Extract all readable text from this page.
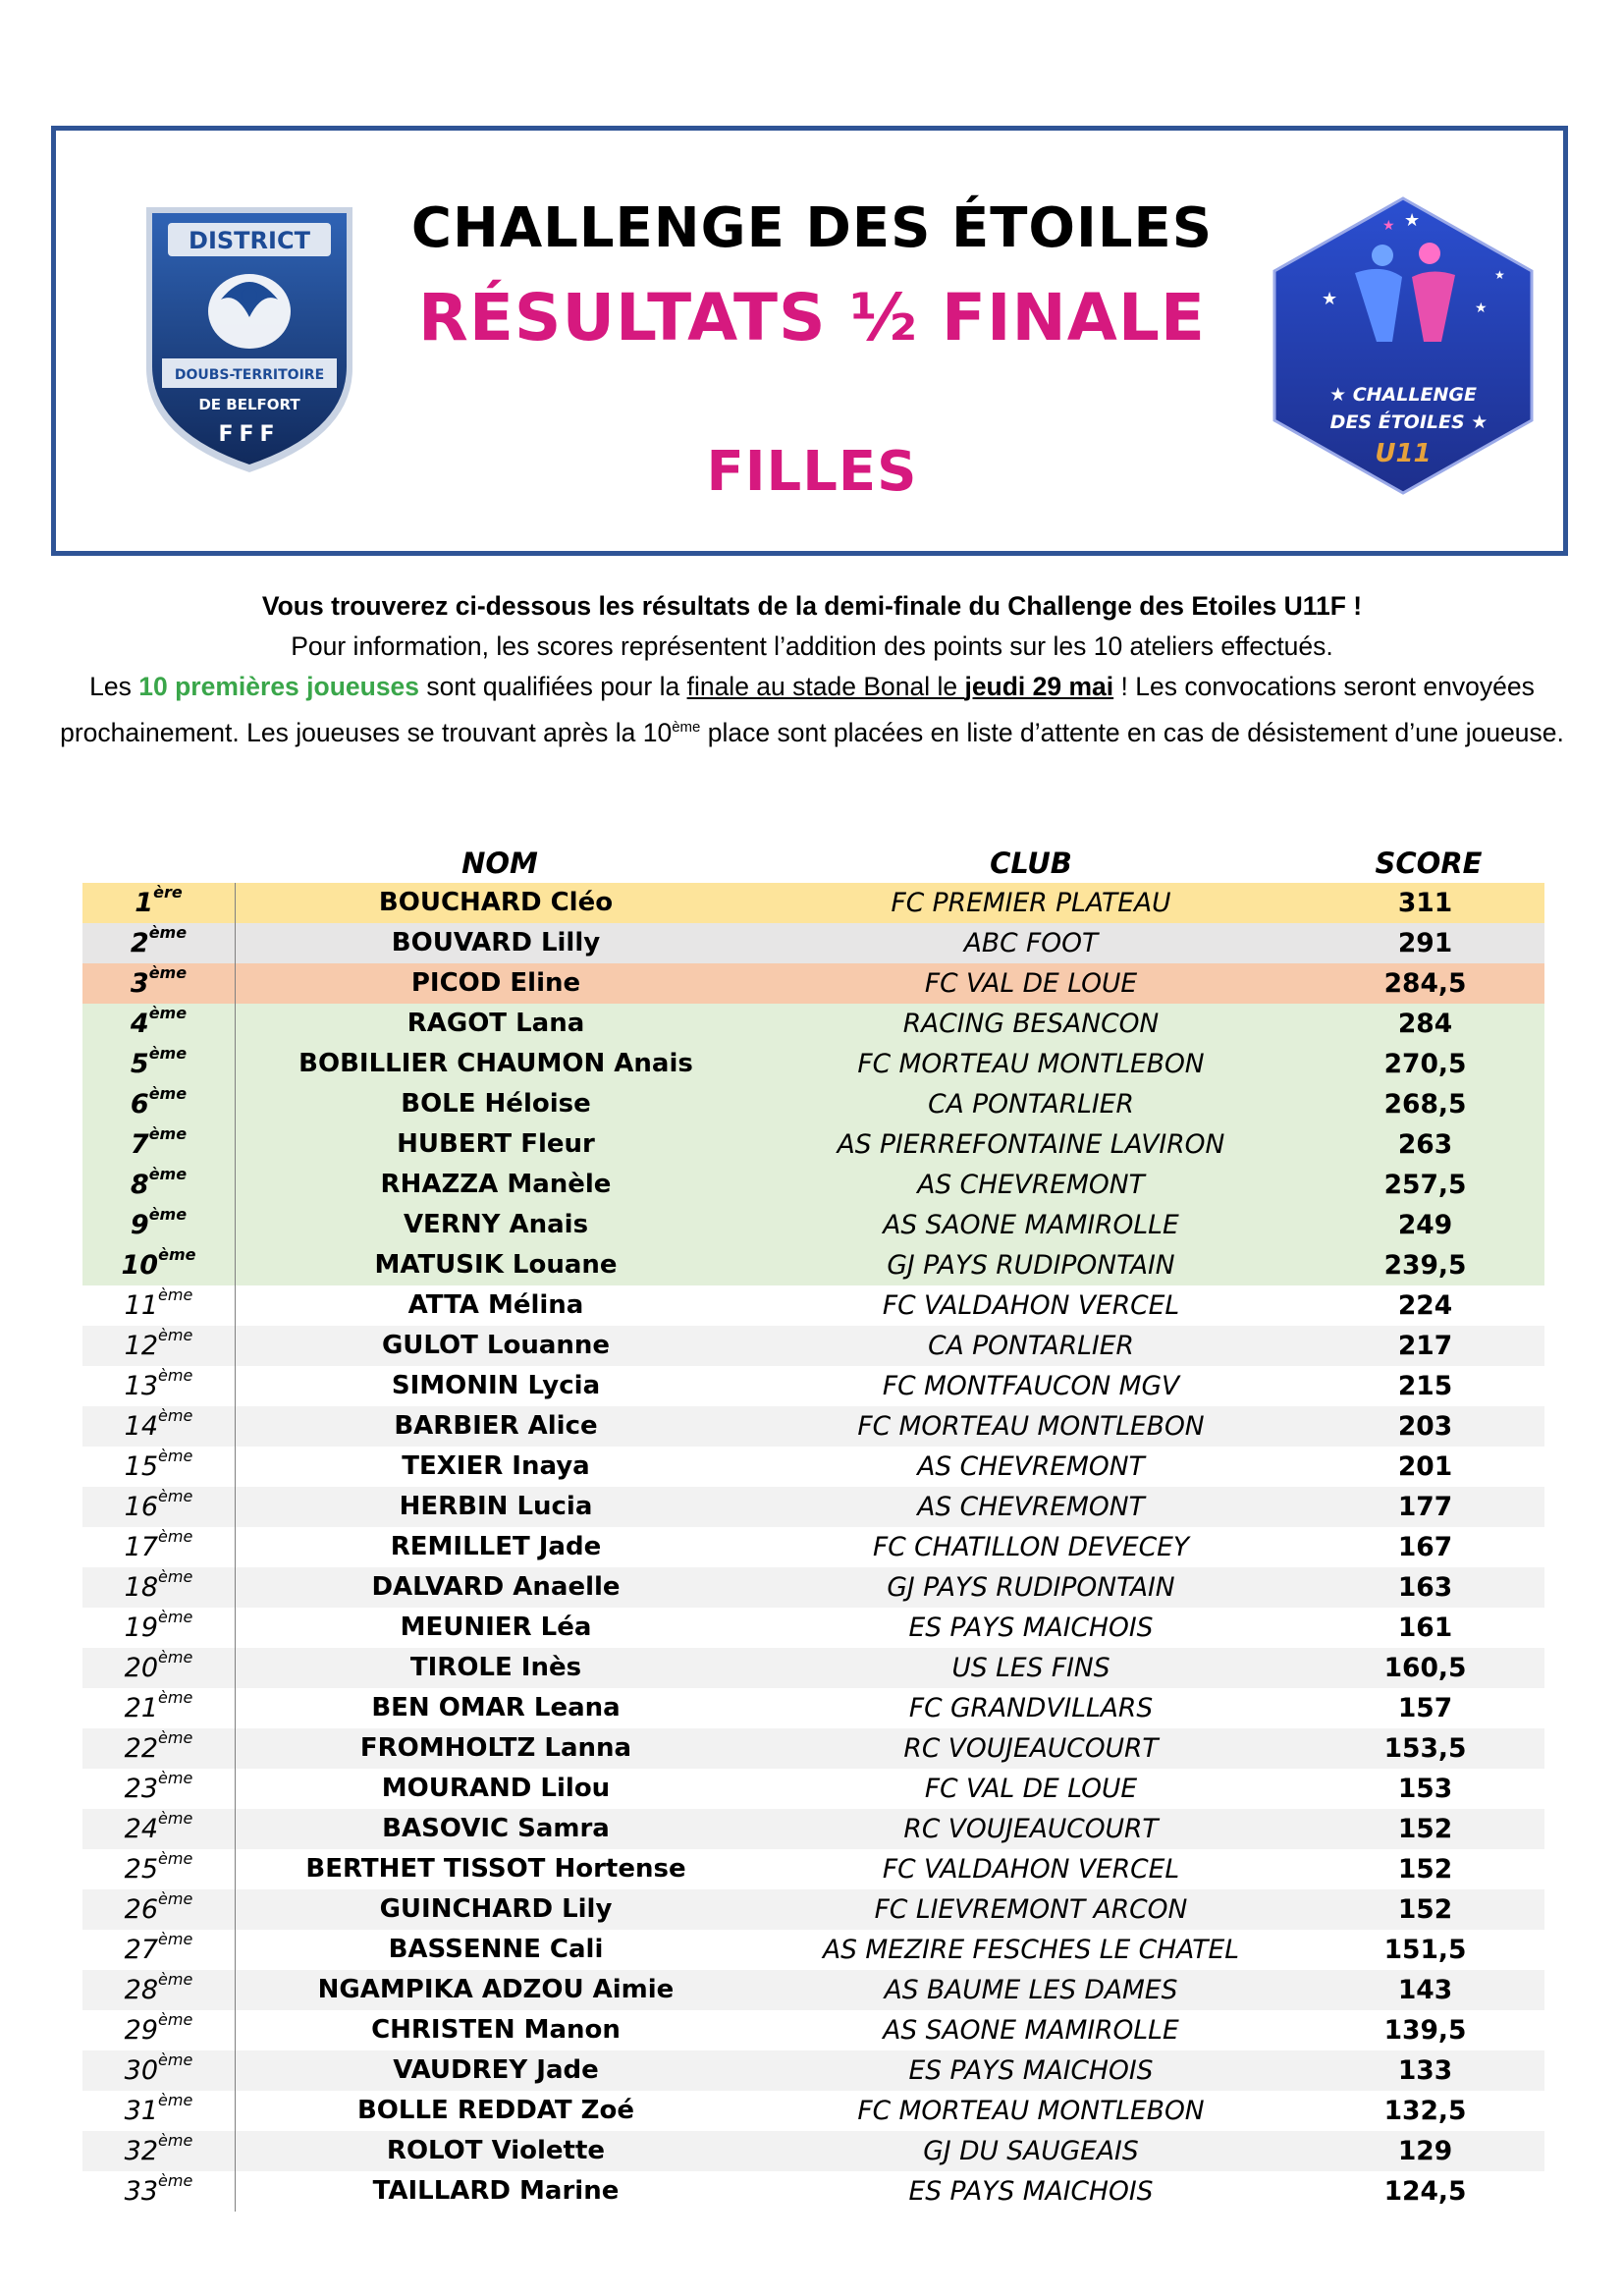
DISTRICT
DOUBS-TERRITOIRE
DE BELFORT
FFF
★	★
★
★ ★
★ CHALLENGE
DES ÉTOILES ★
U11
CHALLENGE DES ÉTOILES
RÉSULTATS ½ FINALE
FILLES
Vous trouverez ci-dessous les résultats de la demi-finale du Challenge des Etoiles U11F !
Pour information, les scores représentent l’addition des points sur les 10 ateliers effectués.
Les 10 premières joueuses sont qualifiées pour la finale au stade Bonal le jeudi 29 mai ! Les convocations seront envoyées prochainement. Les joueuses se trouvant après la 10ème place sont placées en liste d’attente en cas de désistement d’une joueuse.
NOM	CLUB	SCORE
1ère	BOUCHARD Cléo	FC PREMIER PLATEAU	311
2ème	BOUVARD Lilly	ABC FOOT	291
3ème	PICOD Eline	FC VAL DE LOUE	284,5
4ème	RAGOT Lana	RACING BESANCON	284
5ème	BOBILLIER CHAUMON Anais	FC MORTEAU MONTLEBON	270,5
6ème	BOLE Héloise	CA PONTARLIER	268,5
7ème	HUBERT Fleur	AS PIERREFONTAINE LAVIRON	263
8ème	RHAZZA Manèle	AS CHEVREMONT	257,5
9ème	VERNY Anais	AS SAONE MAMIROLLE	249
10ème	MATUSIK Louane	GJ PAYS RUDIPONTAIN	239,5
11ème	ATTA Mélina	FC VALDAHON VERCEL	224
12ème	GULOT Louanne	CA PONTARLIER	217
13ème	SIMONIN Lycia	FC MONTFAUCON MGV	215
14ème	BARBIER Alice	FC MORTEAU MONTLEBON	203
15ème	TEXIER Inaya	AS CHEVREMONT	201
16ème	HERBIN Lucia	AS CHEVREMONT	177
17ème	REMILLET Jade	FC CHATILLON DEVECEY	167
18ème	DALVARD Anaelle	GJ PAYS RUDIPONTAIN	163
19ème	MEUNIER Léa	ES PAYS MAICHOIS	161
20ème	TIROLE Inès	US LES FINS	160,5
21ème	BEN OMAR Leana	FC GRANDVILLARS	157
22ème	FROMHOLTZ Lanna	RC VOUJEAUCOURT	153,5
23ème	MOURAND Lilou	FC VAL DE LOUE	153
24ème	BASOVIC Samra	RC VOUJEAUCOURT	152
25ème	BERTHET TISSOT Hortense	FC VALDAHON VERCEL	152
26ème	GUINCHARD Lily	FC LIEVREMONT ARCON	152
27ème	BASSENNE Cali	AS MEZIRE FESCHES LE CHATEL	151,5
28ème	NGAMPIKA ADZOU Aimie	AS BAUME LES DAMES	143
29ème	CHRISTEN Manon	AS SAONE MAMIROLLE	139,5
30ème	VAUDREY Jade	ES PAYS MAICHOIS	133
31ème	BOLLE REDDAT Zoé	FC MORTEAU MONTLEBON	132,5
32ème	ROLOT Violette	GJ DU SAUGEAIS	129
33ème	TAILLARD Marine	ES PAYS MAICHOIS	124,5
